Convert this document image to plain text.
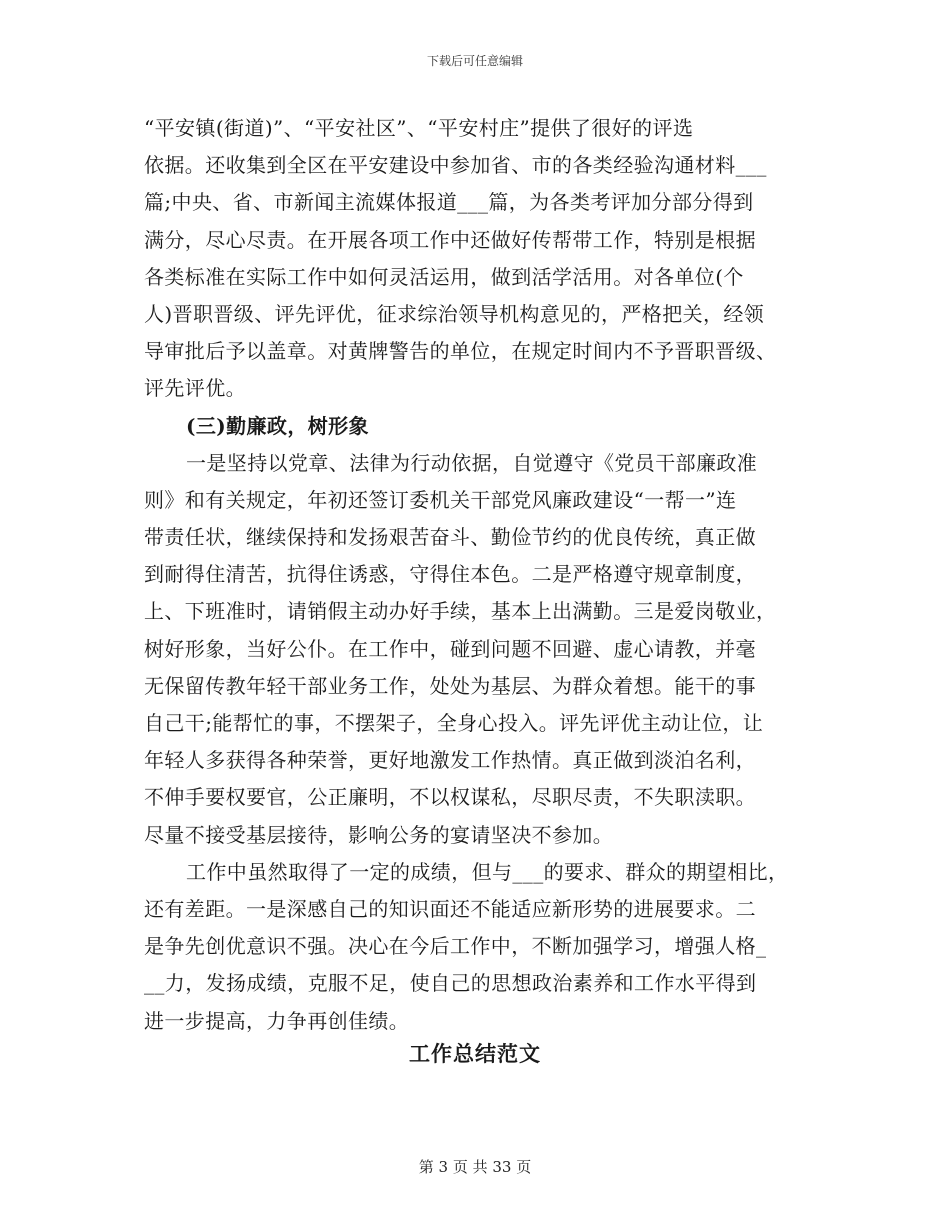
下载后可任意编辑
“平安镇(街道)”、“平安社区”、“平安村庄”提供了很好的评选
依据。还收集到全区在平安建设中参加省、市的各类经验沟通材料___
篇;中央、省、市新闻主流媒体报道___篇，为各类考评加分部分得到
满分，尽心尽责。在开展各项工作中还做好传帮带工作，特别是根据
各类标准在实际工作中如何灵活运用，做到活学活用。对各单位(个
人)晋职晋级、评先评优，征求综治领导机构意见的，严格把关，经领
导审批后予以盖章。对黄牌警告的单位，在规定时间内不予晋职晋级、
评先评优。
(三)勤廉政，树形象
一是坚持以党章、法律为行动依据，自觉遵守《党员干部廉政准
则》和有关规定，年初还签订委机关干部党风廉政建设“一帮一”连
带责任状，继续保持和发扬艰苦奋斗、勤俭节约的优良传统，真正做
到耐得住清苦，抗得住诱惑，守得住本色。二是严格遵守规章制度，
上、下班准时，请销假主动办好手续，基本上出满勤。三是爱岗敬业，
树好形象，当好公仆。在工作中，碰到问题不回避、虚心请教，并毫
无保留传教年轻干部业务工作，处处为基层、为群众着想。能干的事
自己干;能帮忙的事，不摆架子，全身心投入。评先评优主动让位，让
年轻人多获得各种荣誉，更好地激发工作热情。真正做到淡泊名利，
不伸手要权要官，公正廉明，不以权谋私，尽职尽责，不失职渎职。
尽量不接受基层接待，影响公务的宴请坚决不参加。
工作中虽然取得了一定的成绩，但与___的要求、群众的期望相比，
还有差距。一是深感自己的知识面还不能适应新形势的进展要求。二
是争先创优意识不强。决心在今后工作中，不断加强学习，增强人格_
__力，发扬成绩，克服不足，使自己的思想政治素养和工作水平得到
进一步提高，力争再创佳绩。
工作总结范文
第 3 页 共 33 页
